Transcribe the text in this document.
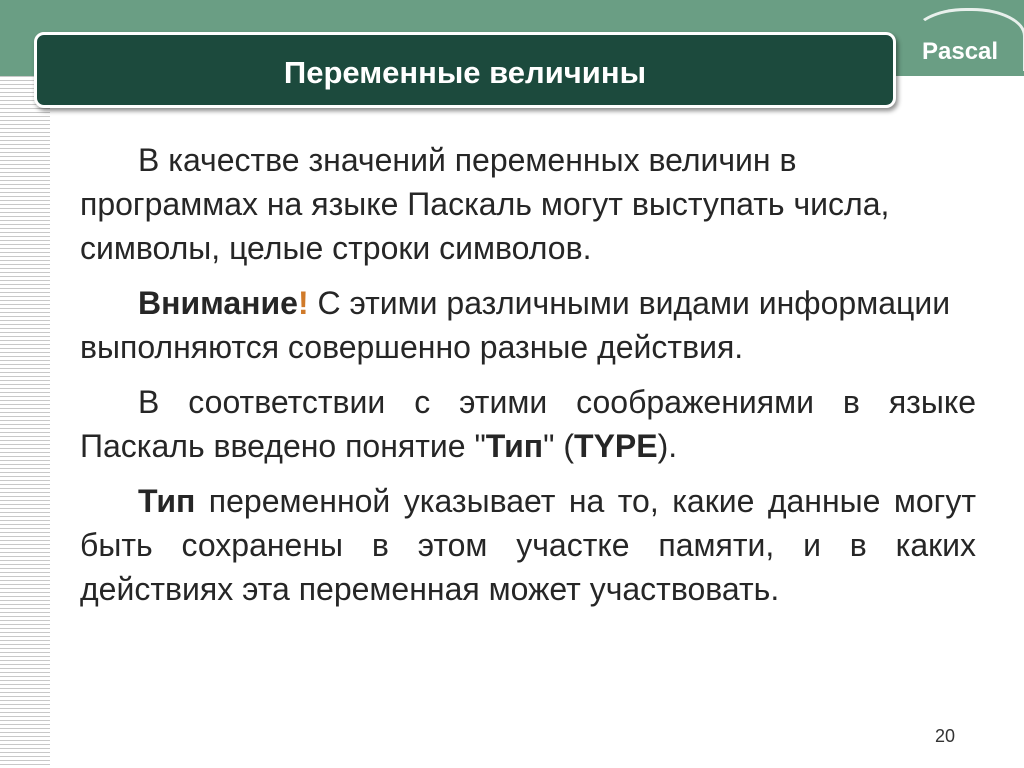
Pascal
Переменные величины

В качестве значений переменных величин в программах на языке Паскаль могут выступать числа, символы, целые строки символов.

Внимание! С этими различными видами информации выполняются совершенно разные действия.

В соответствии с этими соображениями в языке Паскаль введено понятие "Тип" (TYPE).

Тип переменной указывает на то, какие данные могут быть сохранены в этом участке памяти, и в каких действиях эта переменная может участвовать.

20
